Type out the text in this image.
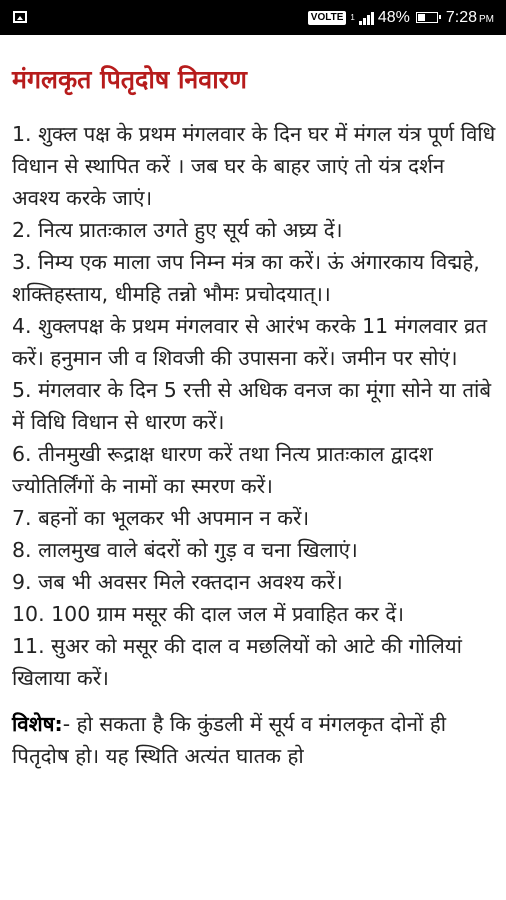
VOLTE 1 48% 7:28 PM
मंगलकृत पितृदोष निवारण
1. शुक्ल पक्ष के प्रथम मंगलवार के दिन घर में मंगल यंत्र पूर्ण विधि विधान से स्थापित करें । जब घर के बाहर जाएं तो यंत्र दर्शन अवश्य करके जाएं।
2. नित्य प्रातःकाल उगते हुए सूर्य को अघ्र्य दें।
3. निम्य एक माला जप निम्न मंत्र का करें। ऊं अंगारकाय विद्महे, शक्तिहस्ताय, धीमहि तन्नो भौमः प्रचोदयात्।।
4. शुक्लपक्ष के प्रथम मंगलवार से आरंभ करके 11 मंगलवार व्रत करें। हनुमान जी व शिवजी की उपासना करें। जमीन पर सोएं।
5. मंगलवार के दिन 5 रत्ती से अधिक वनज का मूंगा सोने या तांबे में विधि विधान से धारण करें।
6. तीनमुखी रूद्राक्ष धारण करें तथा नित्य प्रातःकाल द्वादश ज्योतिर्लिंगों के नामों का स्मरण करें।
7. बहनों का भूलकर भी अपमान न करें।
8. लालमुख वाले बंदरों को गुड़ व चना खिलाएं।
9. जब भी अवसर मिले रक्तदान अवश्य करें।
10. 100 ग्राम मसूर की दाल जल में प्रवाहित कर दें।
11. सुअर को मसूर की दाल व मछलियों को आटे की गोलियां खिलाया करें।

विशेष:- हो सकता है कि कुंडली में सूर्य व मंगलकृत दोनों ही पितृदोष हो। यह स्थिति अत्यंत घातक हो
